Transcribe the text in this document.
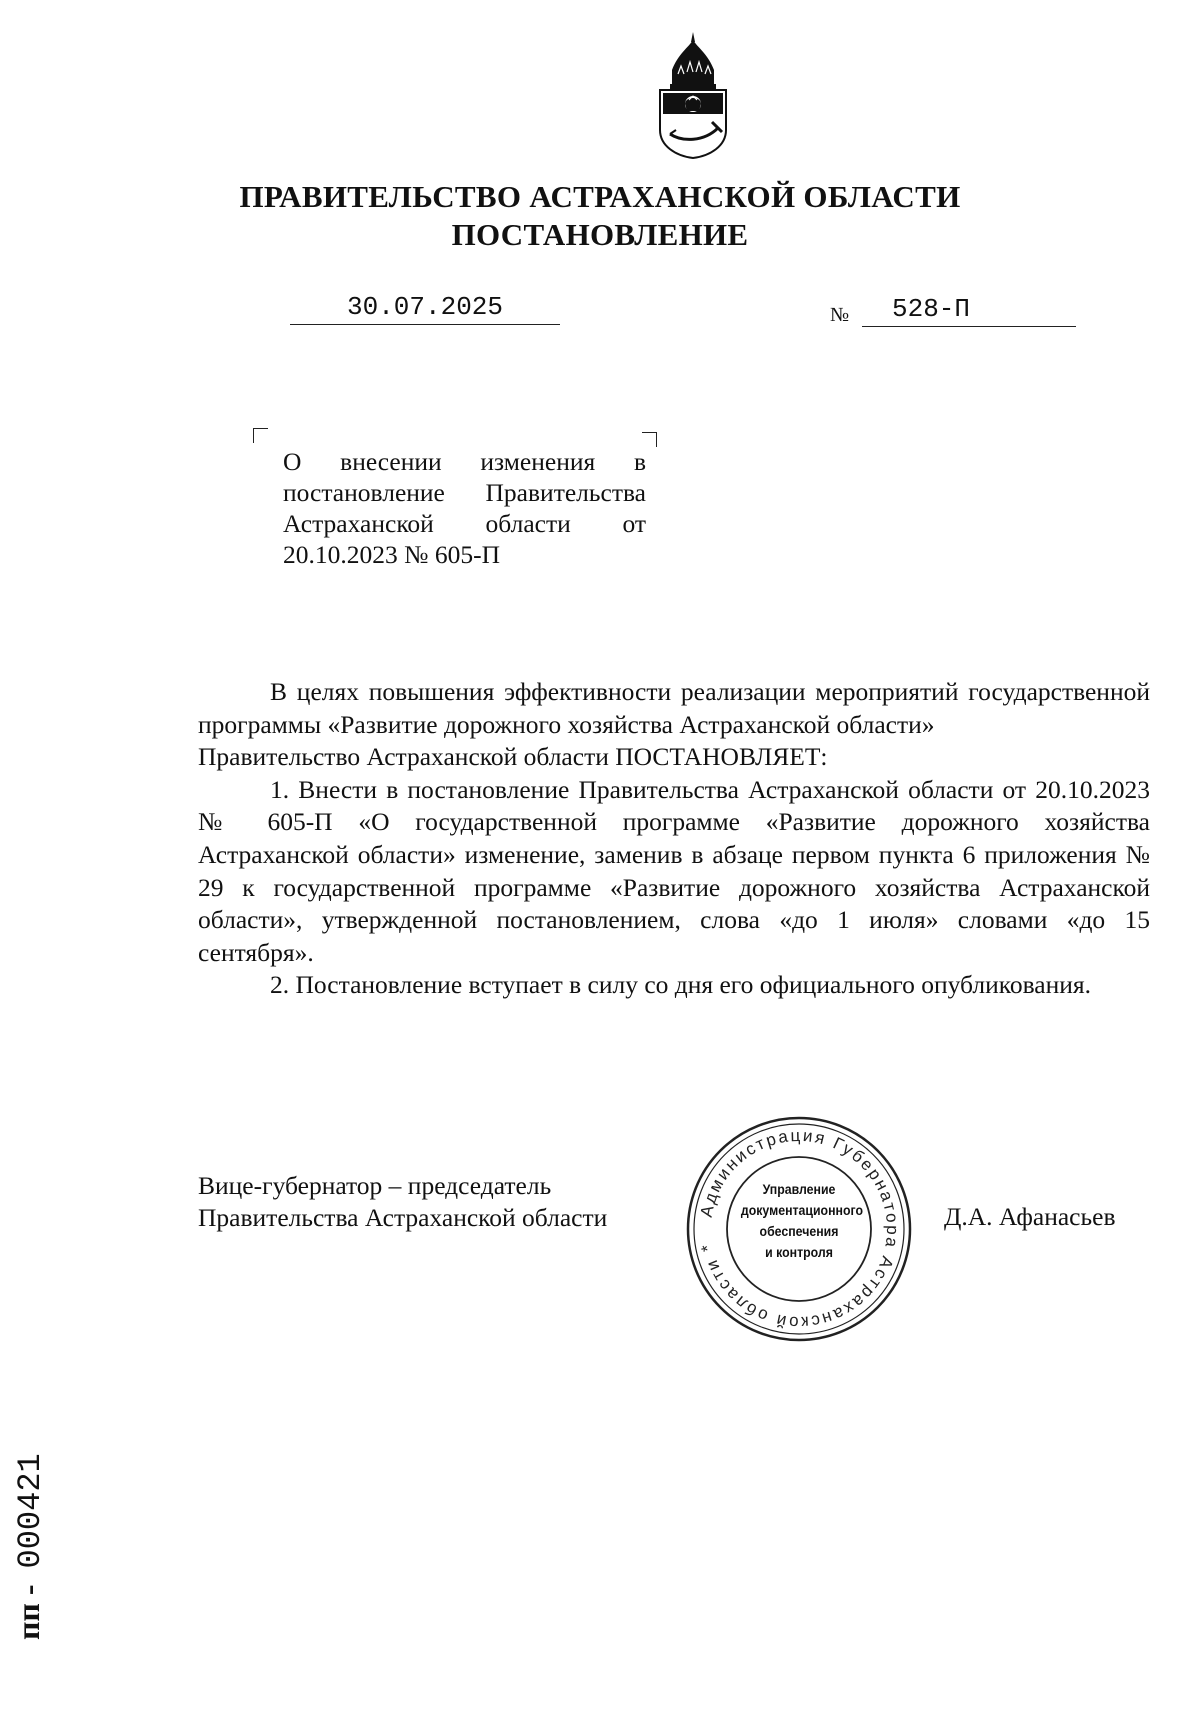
ПРАВИТЕЛЬСТВО АСТРАХАНСКОЙ ОБЛАСТИ
ПОСТАНОВЛЕНИЕ
30.07.2025	№	528-П
О внесении изменения в
постановление Правительства
Астраханской области от
20.10.2023 № 605-П

В целях повышения эффективности реализации мероприятий государственной программы «Развитие дорожного хозяйства Астраханской области»

Правительство Астраханской области ПОСТАНОВЛЯЕТ:

1. Внести в постановление Правительства Астраханской области от 20.10.2023 № 605-П «О государственной программе «Развитие дорожного хозяйства Астраханской области» изменение, заменив в абзаце первом пункта 6 приложения № 29 к государственной программе «Развитие дорожного хозяйства Астраханской области», утвержденной постановлением, слова «до 1 июля» словами «до 15 сентября».

2. Постановление вступает в силу со дня его официального опубликования.

Вице-губернатор – председатель
Правительства Астраханской области	Администрация Губернатора Астраханской области *
Управление
документационного
обеспечения
и контроля
Д.А. Афанасьев
пп - 000421
